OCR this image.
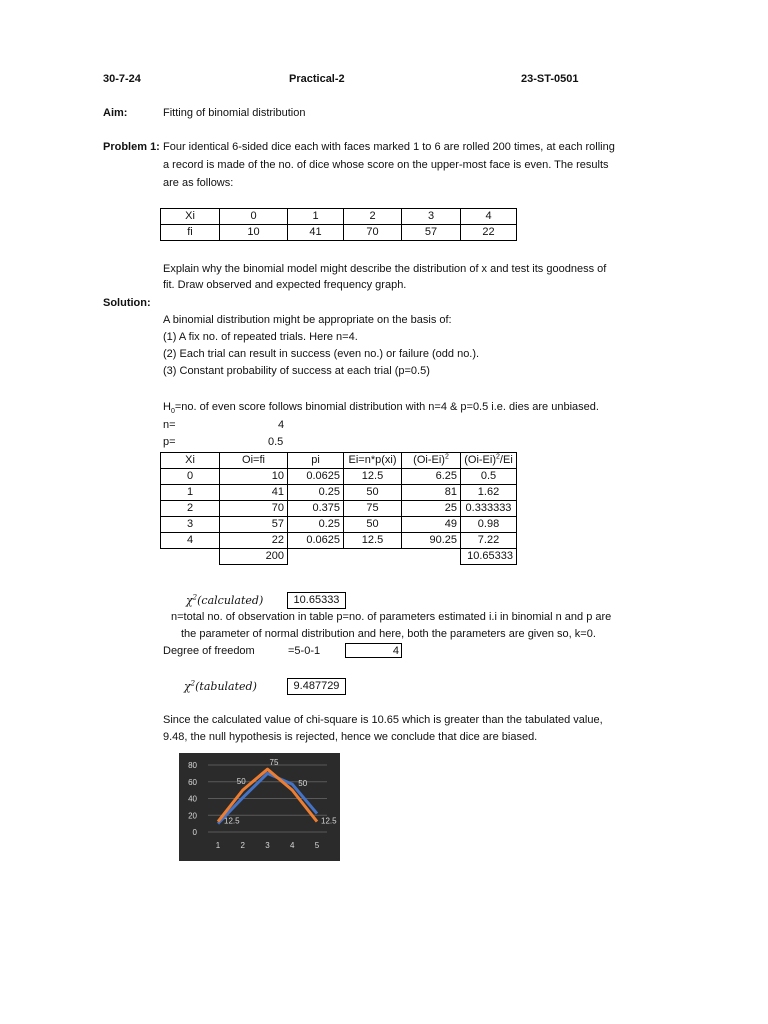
30-7-24	Practical-2	23-ST-0501
Aim:	Fitting of binomial distribution
Problem 1: Four identical 6-sided dice each with faces marked 1 to 6 are rolled 200 times, at each rolling
a record is made of the no. of dice whose score on the upper-most face is even. The results
are as follows:
Xi	0	1	2	3	4
fi	10	41	70	57	22
Explain why the binomial model might describe the distribution of x and test its goodness of
fit. Draw observed and expected frequency graph.
Solution:
A binomial distribution might be appropriate on the basis of:
(1) A fix no. of repeated trials. Here n=4.
(2) Each trial can result in success (even no.) or failure (odd no.).
(3) Constant probability of success at each trial (p=0.5)
$H_0=no$. of even score follows binomial distribution with n=4 & p=0.5 i.e. dies are unbiased.
n=	4
p=	0.5
Xi	Oi=fi	pi	Ei=n*p(xi)	$(Oi-Ei)^2$	$(Oi-Ei)^2/Ei$
0	10	0.0625	12.5	6.25	0.5
1	41	0.25	50	81	1.62
2	70	0.375	75	25	0.333333
3	57	0.25	50	49	0.98
4	22	0.0625	12.5	90.25	7.22
	200				10.65333
$\chi^2(calculated)$	10.65333
n=total no. of observation in table p=no. of parameters estimated i.i in binomial n and p are
the parameter of normal distribution and here, both the parameters are given so, k=0.
Degree of freedom	=5-0-1	4
$\chi^2(tabulated)$	9.487729
Since the calculated value of chi-square is 10.65 which is greater than the tabulated value,
9.48, the null hypothesis is rejected, hence we conclude that dice are biased.
80
60
40
20
0
1	2	3	4	5
12.5
50
75
50
12.5
